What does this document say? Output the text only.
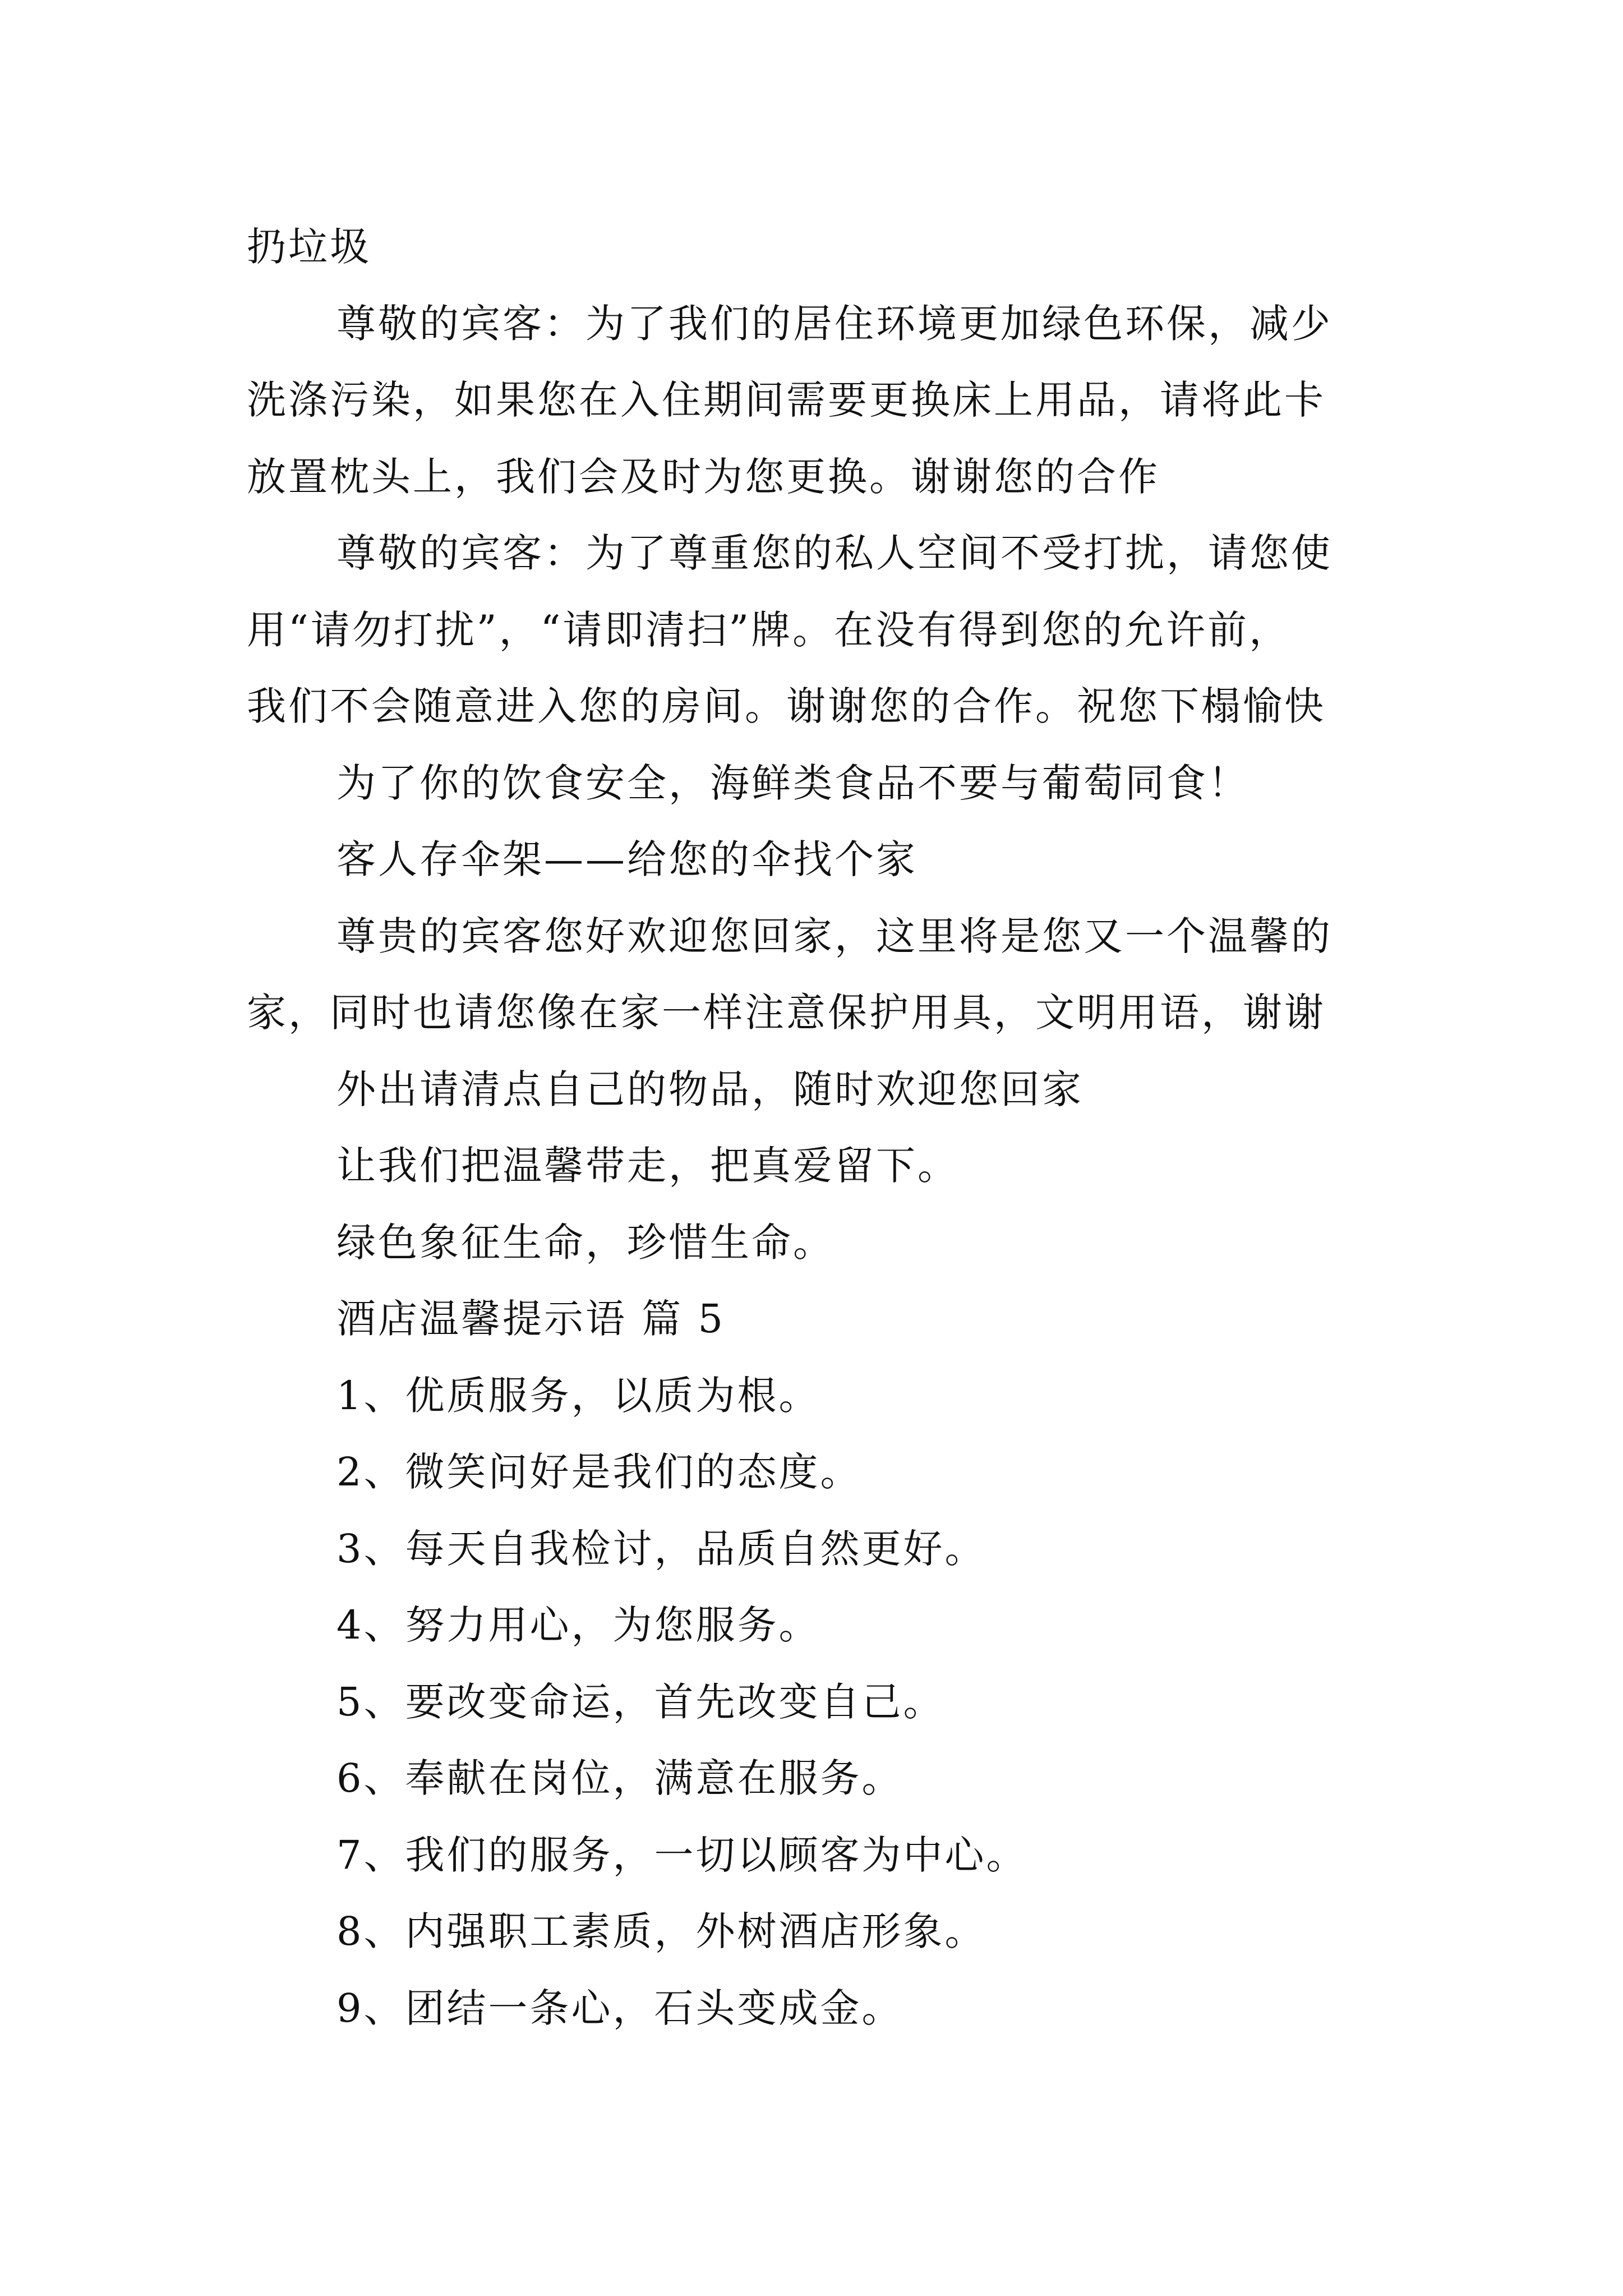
扔垃圾
尊敬的宾客：为了我们的居住环境更加绿色环保，减少
洗涤污染，如果您在入住期间需要更换床上用品，请将此卡
放置枕头上，我们会及时为您更换。谢谢您的合作
尊敬的宾客：为了尊重您的私人空间不受打扰，请您使
用“请勿打扰”，“请即清扫”牌。在没有得到您的允许前，
我们不会随意进入您的房间。谢谢您的合作。祝您下榻愉快
为了你的饮食安全，海鲜类食品不要与葡萄同食！
客人存伞架——给您的伞找个家
尊贵的宾客您好欢迎您回家，这里将是您又一个温馨的
家，同时也请您像在家一样注意保护用具，文明用语，谢谢
外出请清点自己的物品，随时欢迎您回家
让我们把温馨带走，把真爱留下。
绿色象征生命，珍惜生命。
酒店温馨提示语 篇 5
1、优质服务，以质为根。
2、微笑问好是我们的态度。
3、每天自我检讨，品质自然更好。
4、努力用心，为您服务。
5、要改变命运，首先改变自己。
6、奉献在岗位，满意在服务。
7、我们的服务，一切以顾客为中心。
8、内强职工素质，外树酒店形象。
9、团结一条心，石头变成金。
